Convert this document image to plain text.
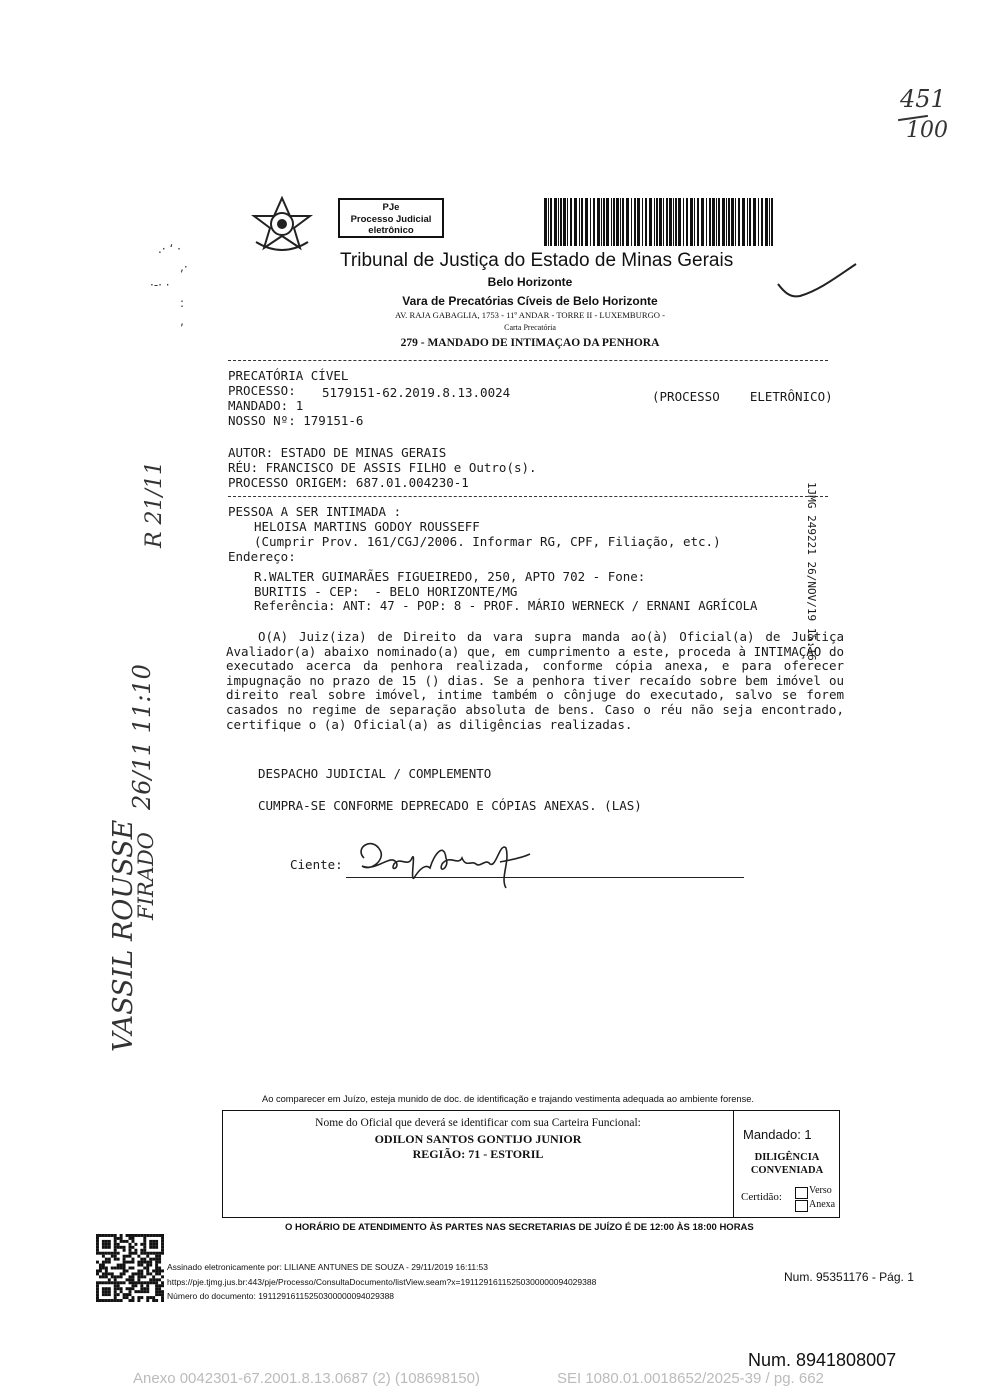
451
100
PJe
Processo Judicial
eletrônico
Tribunal de Justiça do Estado de Minas Gerais
Belo Horizonte
Vara de Precatórias Cíveis de Belo Horizonte
AV. RAJA GABAGLIA, 1753 - 11º ANDAR - TORRE II - LUXEMBURGO -
Carta Precatória
279 - MANDADO DE INTIMAÇAO DA PENHORA
.· ‘ ·
,·
·-· ·
:
‚
PRECATÓRIA CÍVEL
PROCESSO: 5179151-62.2019.8.13.0024	(PROCESSO    ELETRÔNICO)
MANDADO: 1
NOSSO Nº: 179151-6
AUTOR: ESTADO DE MINAS GERAIS
RÉU: FRANCISCO DE ASSIS FILHO e Outro(s).
PROCESSO ORIGEM: 687.01.004230-1
PESSOA A SER INTIMADA :
HELOISA MARTINS GODOY ROUSSEFF
(Cumprir Prov. 161/CGJ/2006. Informar RG, CPF, Filiação, etc.)
Endereço:
R.WALTER GUIMARÃES FIGUEIREDO, 250, APTO 702 - Fone:
BURITIS - CEP:  - BELO HORIZONTE/MG
Referência: ANT: 47 - POP: 8 - PROF. MÁRIO WERNECK / ERNANI AGRÍCOLA	1JMG 249221 26/NOV/19 15:16
O(A) Juiz(iza) de Direito da vara supra manda ao(à) Oficial(a) de Justiça Avaliador(a) abaixo nominado(a) que, em cumprimento a este, proceda à INTIMAÇÃO do executado acerca da penhora realizada, conforme cópia anexa, e para oferecer impugnação no prazo de 15 () dias. Se a penhora tiver recaído sobre bem imóvel ou direito real sobre imóvel, intime também o cônjuge do executado, salvo se forem casados no regime de separação absoluta de bens. Caso o réu não seja encontrado, certifique o (a) Oficial(a) as diligências realizadas.
DESPACHO JUDICIAL / COMPLEMENTO
CUMPRA-SE CONFORME DEPRECADO E CÓPIAS ANEXAS. (LAS)
Ciente:
R 21/11
26/11 11:10
VASSIL ROUSSE
FIRADO
Ao comparecer em Juízo, esteja munido de doc. de identificação e trajando vestimenta adequada ao ambiente forense.
Nome do Oficial que deverá se identificar com sua Carteira Funcional:
ODILON SANTOS GONTIJO JUNIOR
REGIÃO: 71 - ESTORIL
Mandado: 1
DILIGÊNCIA
CONVENIADA
Certidão:
Verso
Anexa
O HORÁRIO DE ATENDIMENTO ÀS PARTES NAS SECRETARIAS DE JUÍZO É DE 12:00 ÀS 18:00 HORAS
Assinado eletronicamente por: LILIANE ANTUNES DE SOUZA - 29/11/2019 16:11:53
https://pje.tjmg.jus.br:443/pje/Processo/ConsultaDocumento/listView.seam?x=19112916115250300000094029388
Número do documento: 19112916115250300000094029388
Num. 95351176 - Pág. 1
Num. 8941808007
Anexo 0042301-67.2001.8.13.0687 (2) (108698150)	SEI 1080.01.0018652/2025-39 / pg. 662
